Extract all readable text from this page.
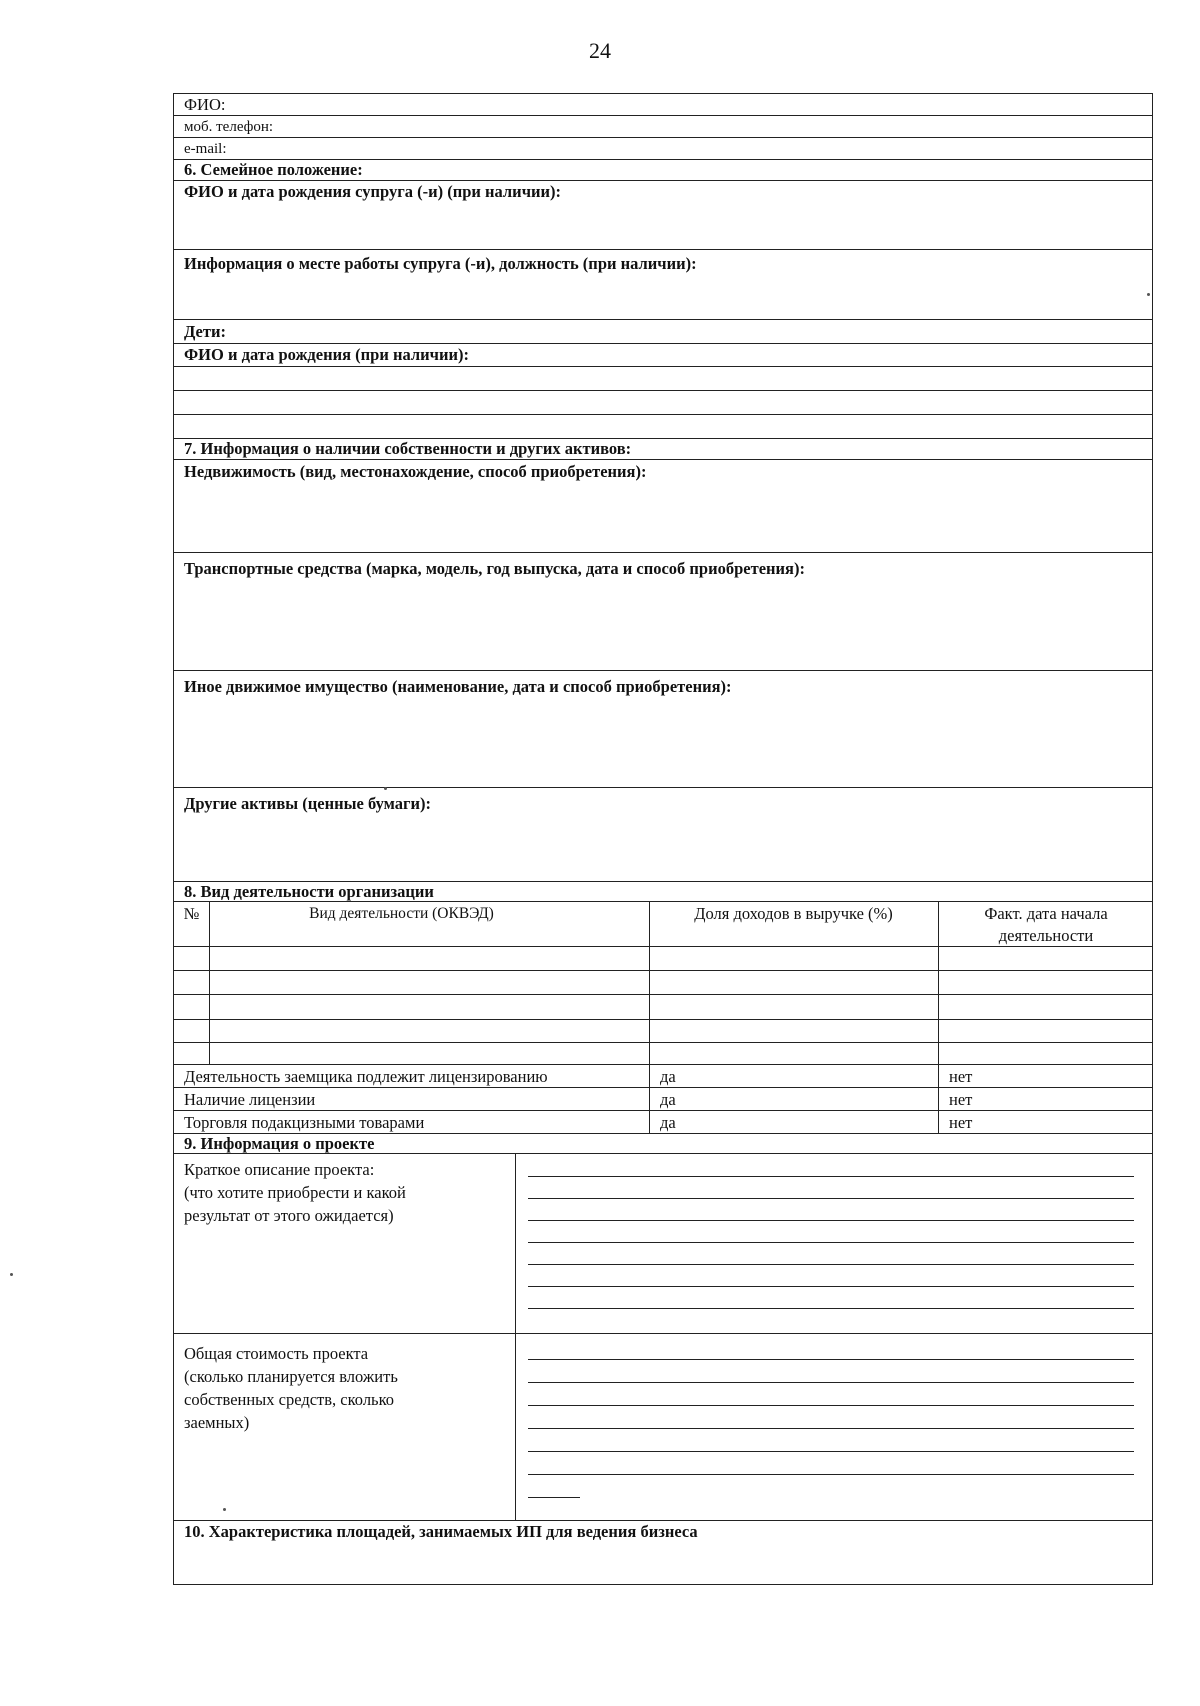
24
ФИО:
моб. телефон:
e-mail:
6. Семейное положение:
ФИО и дата рождения супруга (-и) (при наличии):
Информация о месте работы супруга (-и), должность (при наличии):
Дети:
ФИО и дата рождения (при наличии):
7. Информация о наличии собственности и других активов:
Недвижимость (вид, местонахождение, способ приобретения):
Транспортные средства (марка, модель, год выпуска, дата и способ приобретения):
Иное движимое имущество (наименование, дата и способ приобретения):
Другие активы (ценные бумаги):
8. Вид деятельности организации
№	Вид деятельности (ОКВЭД)	Доля доходов в выручке (%)	Факт. дата начала
деятельности
Деятельность заемщика подлежит лицензированию	да	нет
Наличие лицензии	да	нет
Торговля подакцизными товарами	да	нет
9. Информация о проекте
Краткое описание проекта:
(что хотите приобрести и какой
результат от этого ожидается)
Общая стоимость проекта
(сколько планируется вложить
собственных средств, сколько
заемных)
10. Характеристика площадей, занимаемых ИП для ведения бизнеса
